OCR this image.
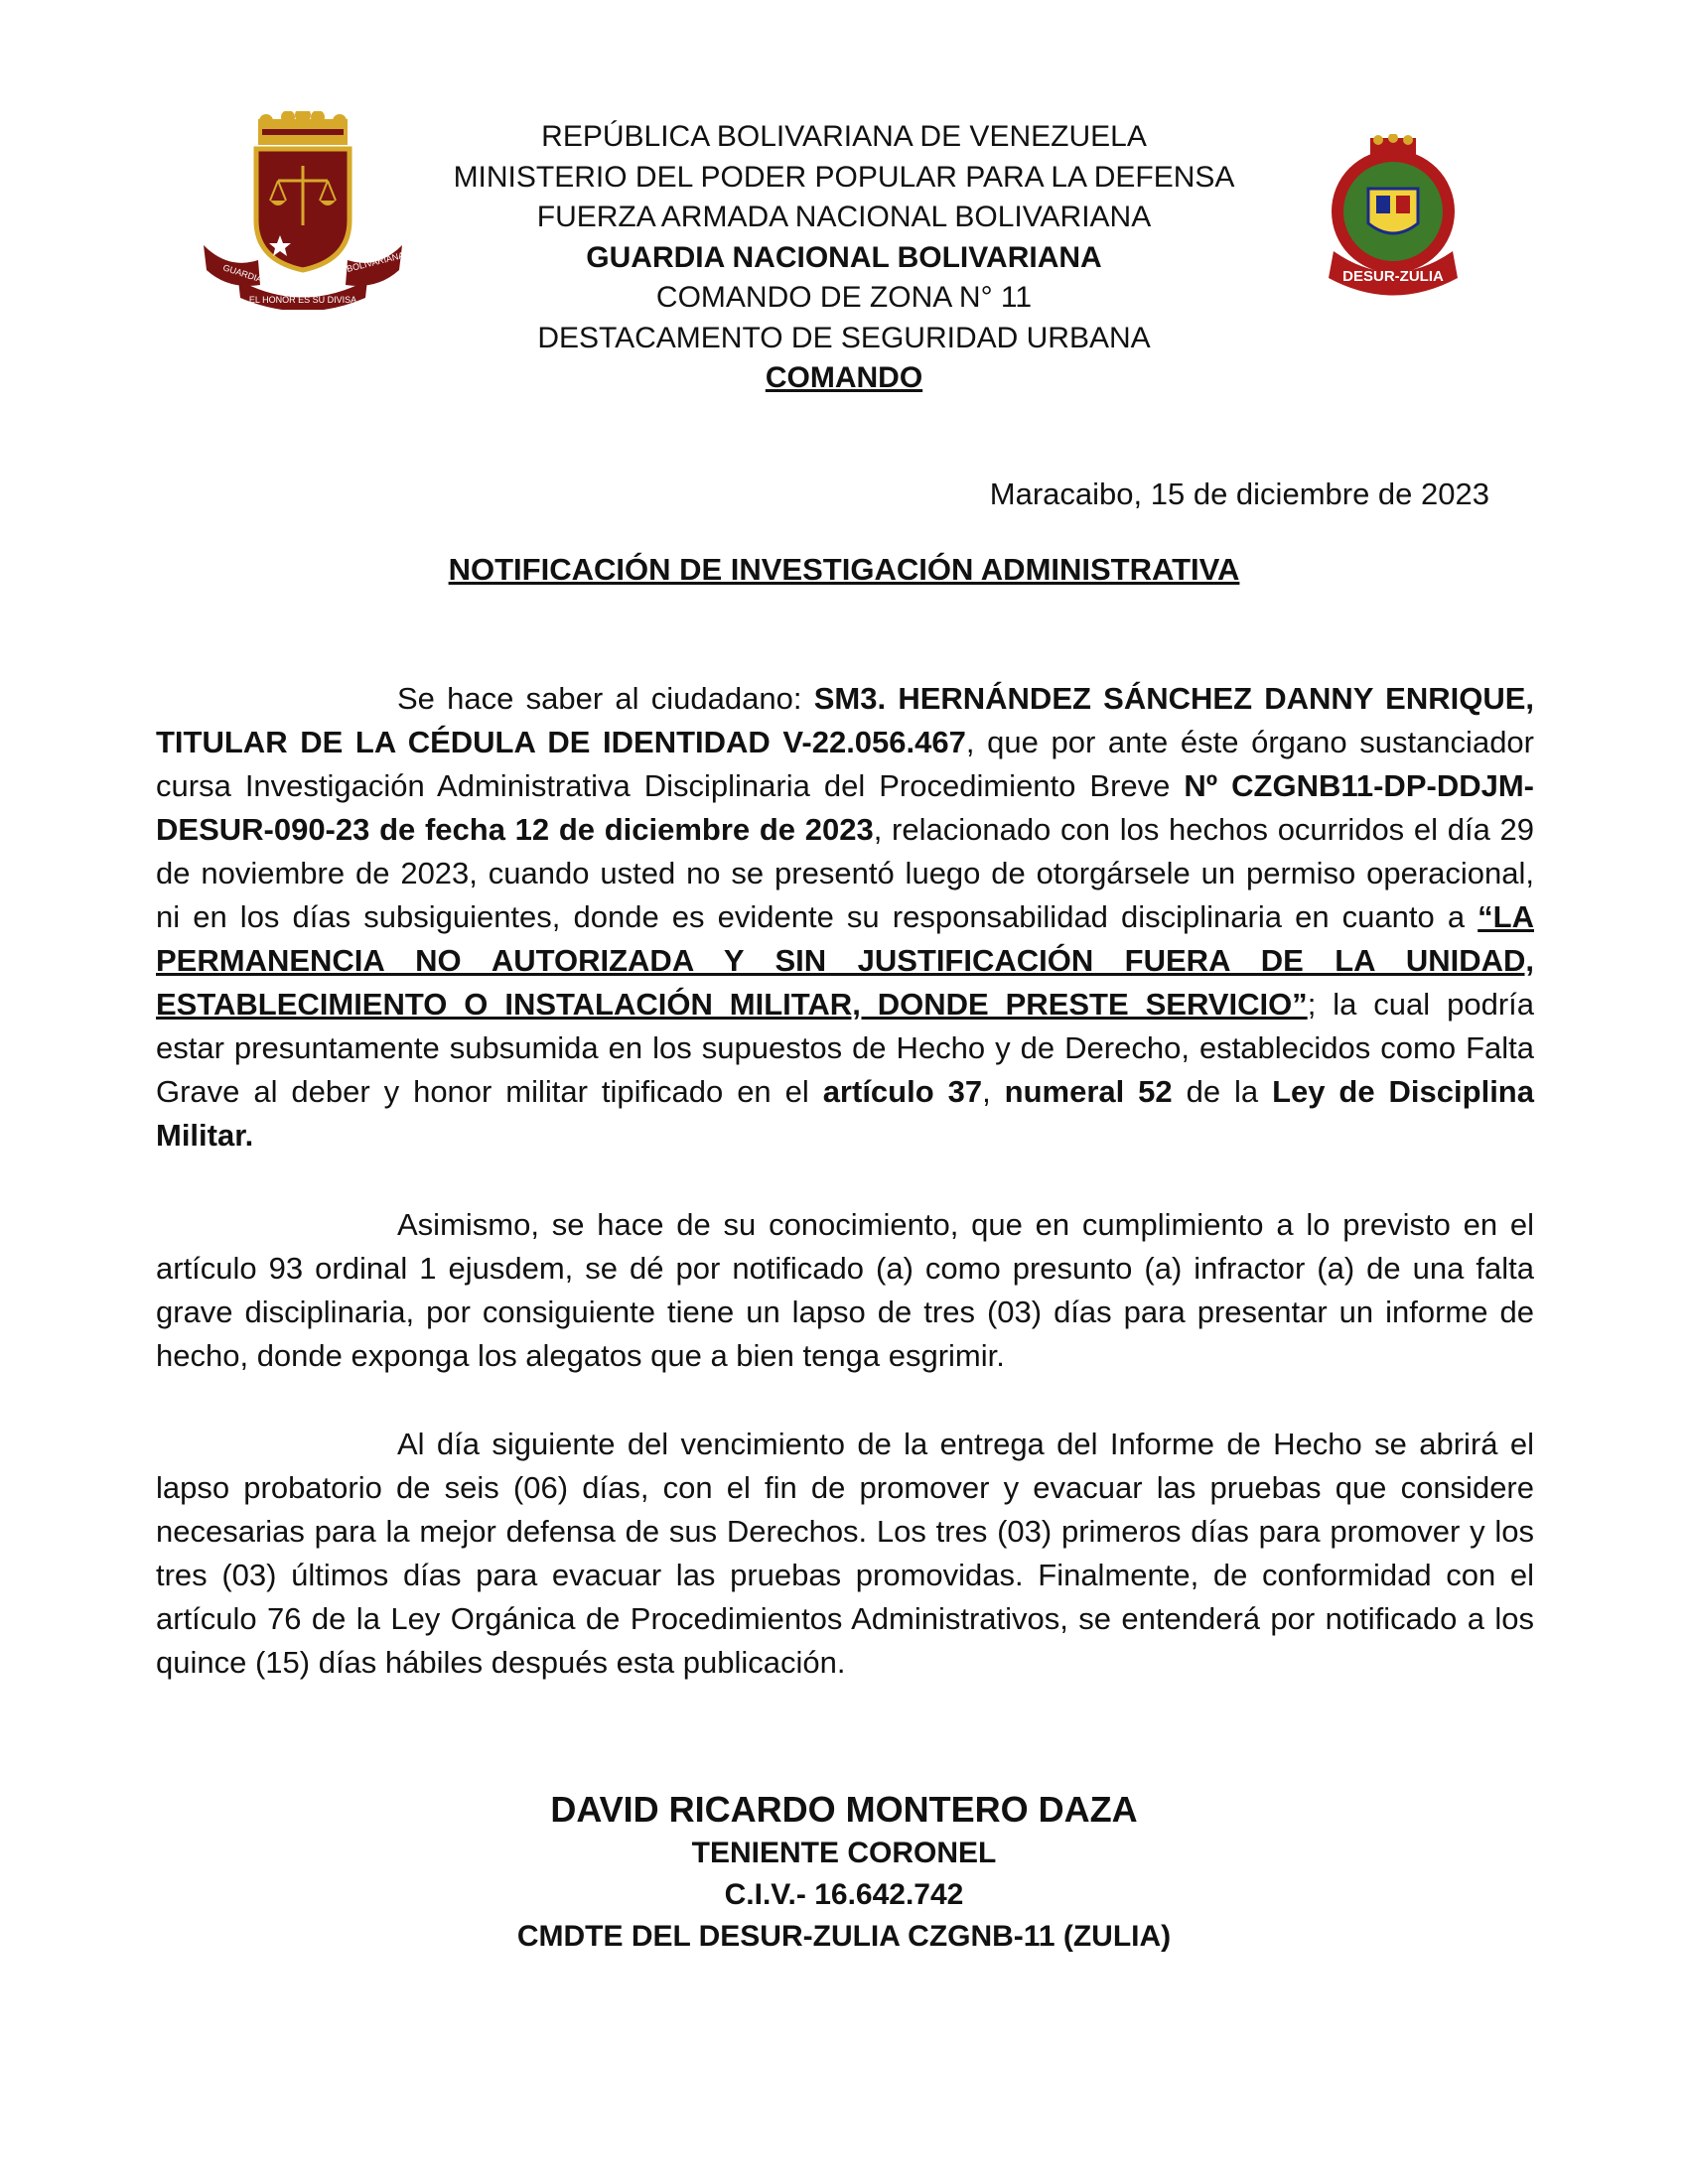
GUARDIA NACIONAL
BOLIVARIANA
EL HONOR ES SU DIVISA
DESUR-ZULIA
REPÚBLICA BOLIVARIANA DE VENEZUELA
MINISTERIO DEL PODER POPULAR PARA LA DEFENSA
FUERZA ARMADA NACIONAL BOLIVARIANA
GUARDIA NACIONAL BOLIVARIANA
COMANDO DE ZONA N° 11
DESTACAMENTO DE SEGURIDAD URBANA
COMANDO
Maracaibo, 15 de diciembre de 2023
NOTIFICACIÓN DE INVESTIGACIÓN ADMINISTRATIVA
Se hace saber al ciudadano: SM3. HERNÁNDEZ SÁNCHEZ DANNY ENRIQUE, TITULAR DE LA CÉDULA DE IDENTIDAD V-22.056.467, que por ante éste órgano sustanciador cursa Investigación Administrativa Disciplinaria del Procedimiento Breve Nº CZGNB11-DP-DDJM-DESUR-090-23 de fecha 12 de diciembre de 2023, relacionado con los hechos ocurridos el día 29 de noviembre de 2023, cuando usted no se presentó luego de otorgársele un permiso operacional, ni en los días subsiguientes, donde es evidente su responsabilidad disciplinaria en cuanto a “LA PERMANENCIA NO AUTORIZADA Y SIN JUSTIFICACIÓN FUERA DE LA UNIDAD, ESTABLECIMIENTO O INSTALACIÓN MILITAR, DONDE PRESTE SERVICIO”; la cual podría estar presuntamente subsumida en los supuestos de Hecho y de Derecho, establecidos como Falta Grave al deber y honor militar tipificado en el artículo 37, numeral 52 de la Ley de Disciplina Militar.
Asimismo, se hace de su conocimiento, que en cumplimiento a lo previsto en el artículo 93 ordinal 1 ejusdem, se dé por notificado (a) como presunto (a) infractor (a) de una falta grave disciplinaria, por consiguiente tiene un lapso de tres (03) días para presentar un informe de hecho, donde exponga los alegatos que a bien tenga esgrimir.
Al día siguiente del vencimiento de la entrega del Informe de Hecho se abrirá el lapso probatorio de seis (06) días, con el fin de promover y evacuar las pruebas que considere necesarias para la mejor defensa de sus Derechos. Los tres (03) primeros días para promover y los tres (03) últimos días para evacuar las pruebas promovidas. Finalmente, de conformidad con el artículo 76 de la Ley Orgánica de Procedimientos Administrativos, se entenderá por notificado a los quince (15) días hábiles después esta publicación.
DAVID RICARDO MONTERO DAZA
TENIENTE CORONEL
C.I.V.- 16.642.742
CMDTE DEL DESUR-ZULIA CZGNB-11 (ZULIA)
